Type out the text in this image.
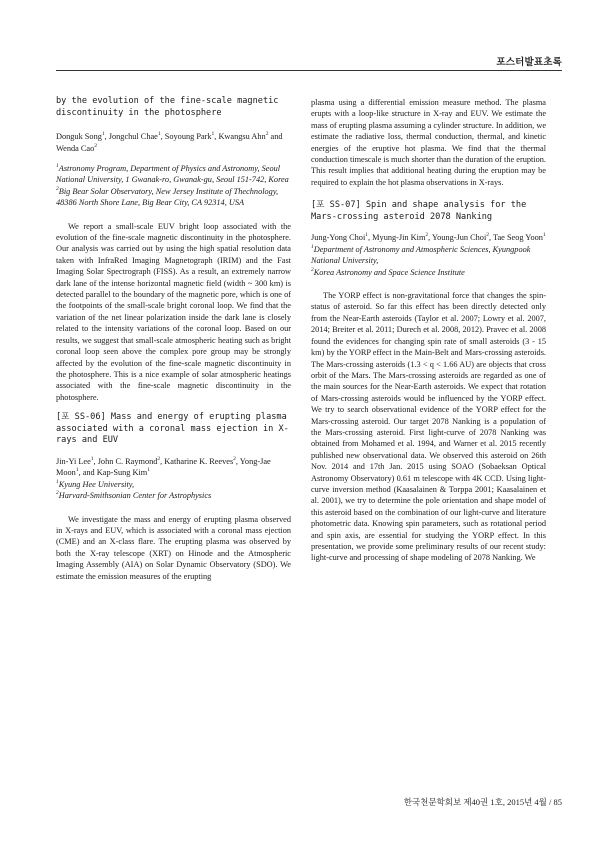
포스터발표초록

by the evolution of the fine-scale magnetic discontinuity in the photosphere

Donguk Song$^1$, Jongchul Chae$^1$, Soyoung Park$^1$, Kwangsu Ahn$^2$ and Wenda Cao$^2$

$^1$Astronomy Program, Department of Physics and Astronomy, Seoul National University, 1 Gwanak-ro, Gwanak-gu, Seoul 151-742, Korea

$^2$Big Bear Solar Observatory, New Jersey Institute of Thechnology, 48386 North Shore Lane, Big Bear City, CA 92314, USA

We report a small-scale EUV bright loop associated with the evolution of the fine-scale magnetic discontinuity in the photosphere. Our analysis was carried out by using the high spatial resolution data taken with InfraRed Imaging Magnetograph (IRIM) and the Fast Imaging Solar Spectrograph (FISS). As a result, an extremely narrow dark lane of the intense horizontal magnetic field (width ~ 300 km) is detected parallel to the boundary of the magnetic pore, which is one of the footpoints of the small-scale bright coronal loop. We find that the variation of the net linear polarization inside the dark lane is closely related to the intensity variations of the coronal loop. Based on our results, we suggest that small-scale atmospheric heating such as bright coronal loop seen above the complex pore group may be strongly affected by the evolution of the fine-scale magnetic discontinuity in the photosphere. This is a nice example of solar atmospheric heatings associated with the fine-scale magnetic discontinuity in the photosphere.

[포 SS-06] Mass and energy of erupting plasma associated with a coronal mass ejection in X-rays and EUV

Jin-Yi Lee$^1$, John C. Raymond$^2$, Katharine K. Reeves$^2$, Yong-Jae Moon$^1$, and Kap-Sung Kim$^1$

$^1$Kyung Hee University,

$^2$Harvard-Smithsonian Center for Astrophysics

We investigate the mass and energy of erupting plasma observed in X-rays and EUV, which is associated with a coronal mass ejection (CME) and an X-class flare. The erupting plasma was observed by both the X-ray telescope (XRT) on Hinode and the Atmospheric Imaging Assembly (AIA) on Solar Dynamic Observatory (SDO). We estimate the emission measures of the erupting

plasma using a differential emission measure method. The plasma erupts with a loop-like structure in X-ray and EUV. We estimate the mass of erupting plasma assuming a cylinder structure. In addition, we estimate the radiative loss, thermal conduction, thermal, and kinetic energies of the eruptive hot plasma. We find that the thermal conduction timescale is much shorter than the duration of the eruption. This result implies that additional heating during the eruption may be required to explain the hot plasma observations in X-rays.

[포 SS-07] Spin and shape analysis for the Mars-crossing asteroid 2078 Nanking

Jung-Yong Choi$^1$, Myung-Jin Kim$^2$, Young-Jun Choi$^2$, Tae Seog Yoon$^1$

$^1$Department of Astronomy and Atmospheric Sciences, Kyungpook National University,

$^2$Korea Astronomy and Space Science Institute

The YORP effect is non-gravitational force that changes the spin-status of asteroid. So far this effect has been directly detected only from the Near-Earth asteroids (Taylor et al. 2007; Lowry et al. 2007, 2014; Breiter et al. 2011; Durech et al. 2008, 2012). Pravec et al. 2008 found the evidences for changing spin rate of small asteroids (3 - 15 km) by the YORP effect in the Main-Belt and Mars-crossing asteroids. The Mars-crossing asteroids (1.3 < q < 1.66 AU) are objects that cross orbit of the Mars. The Mars-crossing asteroids are regarded as one of the main sources for the Near-Earth asteroids. We expect that rotation of Mars-crossing asteroids would be influenced by the YORP effect. We try to search observational evidence of the YORP effect for the Mars-crossing asteroid. Our target 2078 Nanking is a population of the Mars-crossing asteroid. First light-curve of 2078 Nanking was obtained from Mohamed et al. 1994, and Warner et al. 2015 recently published new observational data. We observed this asteroid on 26th Nov. 2014 and 17th Jan. 2015 using SOAO (Sobaeksan Optical Astronomy Observatory) 0.61 m telescope with 4K CCD. Using light-curve inversion method (Kaasalainen & Torppa 2001; Kaasalainen et al. 2001), we try to determine the pole orientation and shape model of this asteroid based on the combination of our light-curve and literature photometric data. Knowing spin parameters, such as rotational period and spin axis, are essential for studying the YORP effect. In this presentation, we provide some preliminary results of our recent study: light-curve and processing of shape modeling of 2078 Nanking. We

한국천문학회보 제40권 1호, 2015년 4월 / 85
